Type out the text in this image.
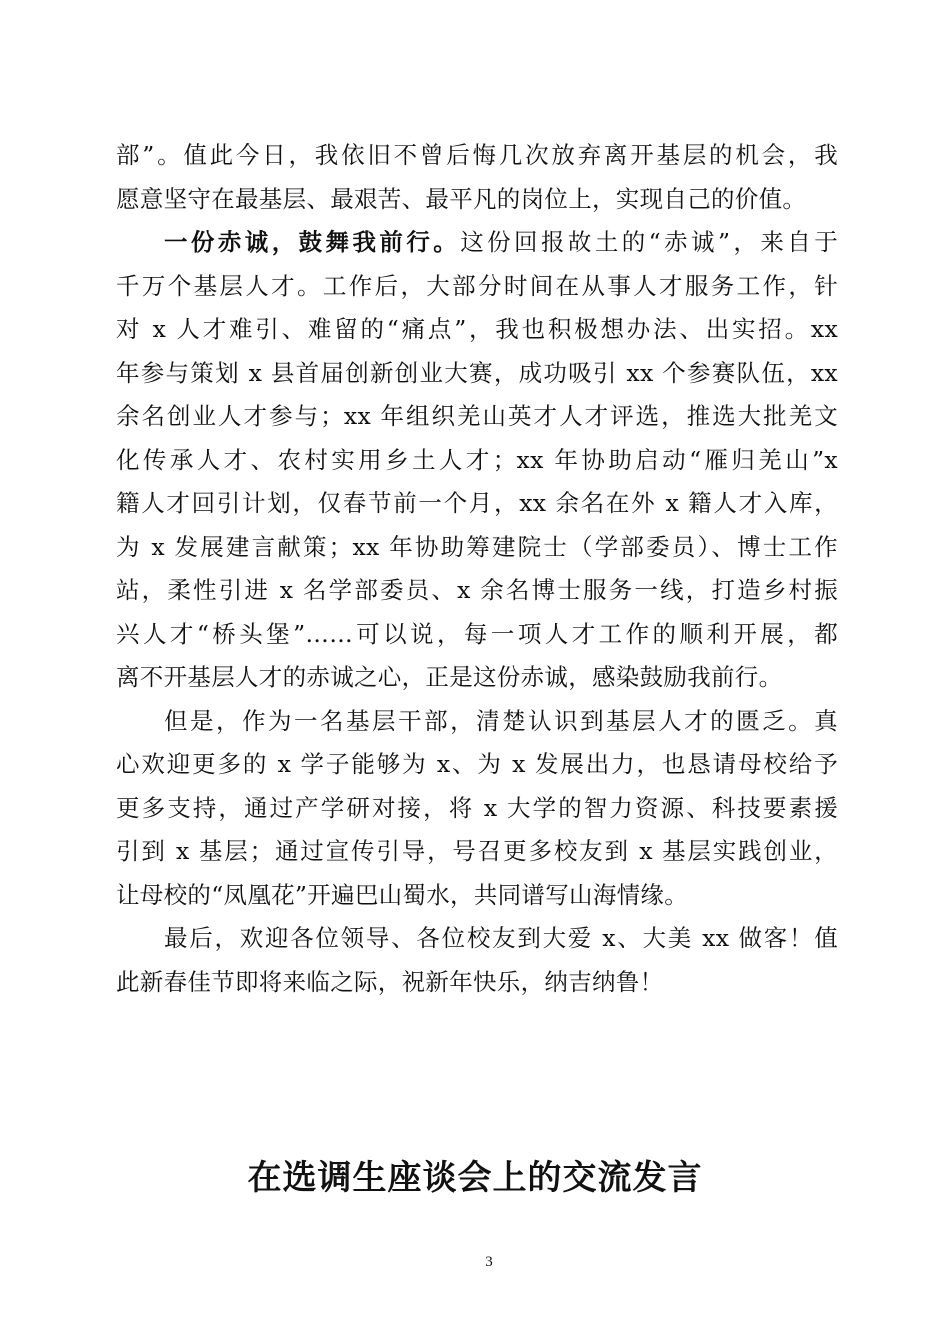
部”。值此今日，我依旧不曾后悔几次放弃离开基层的机会，我
愿意坚守在最基层、最艰苦、最平凡的岗位上，实现自己的价值。
一份赤诚，鼓舞我前行。这份回报故土的“赤诚”，来自于
千万个基层人才。工作后，大部分时间在从事人才服务工作，针
对 x 人才难引、难留的“痛点”，我也积极想办法、出实招。xx
年参与策划 x 县首届创新创业大赛，成功吸引 xx 个参赛队伍，xx
余名创业人才参与；xx 年组织羌山英才人才评选，推选大批羌文
化传承人才、农村实用乡土人才；xx 年协助启动“雁归羌山”x
籍人才回引计划，仅春节前一个月，xx 余名在外 x 籍人才入库，
为 x 发展建言献策；xx 年协助筹建院士（学部委员）、博士工作
站，柔性引进 x 名学部委员、x 余名博士服务一线，打造乡村振
兴人才“桥头堡”……可以说，每一项人才工作的顺利开展，都
离不开基层人才的赤诚之心，正是这份赤诚，感染鼓励我前行。
但是，作为一名基层干部，清楚认识到基层人才的匮乏。真
心欢迎更多的 x 学子能够为 x、为 x 发展出力，也恳请母校给予
更多支持，通过产学研对接，将 x 大学的智力资源、科技要素援
引到 x 基层；通过宣传引导，号召更多校友到 x 基层实践创业，
让母校的“凤凰花”开遍巴山蜀水，共同谱写山海情缘。
最后，欢迎各位领导、各位校友到大爱 x、大美 xx 做客！值
此新春佳节即将来临之际，祝新年快乐，纳吉纳鲁！
在选调生座谈会上的交流发言
3
